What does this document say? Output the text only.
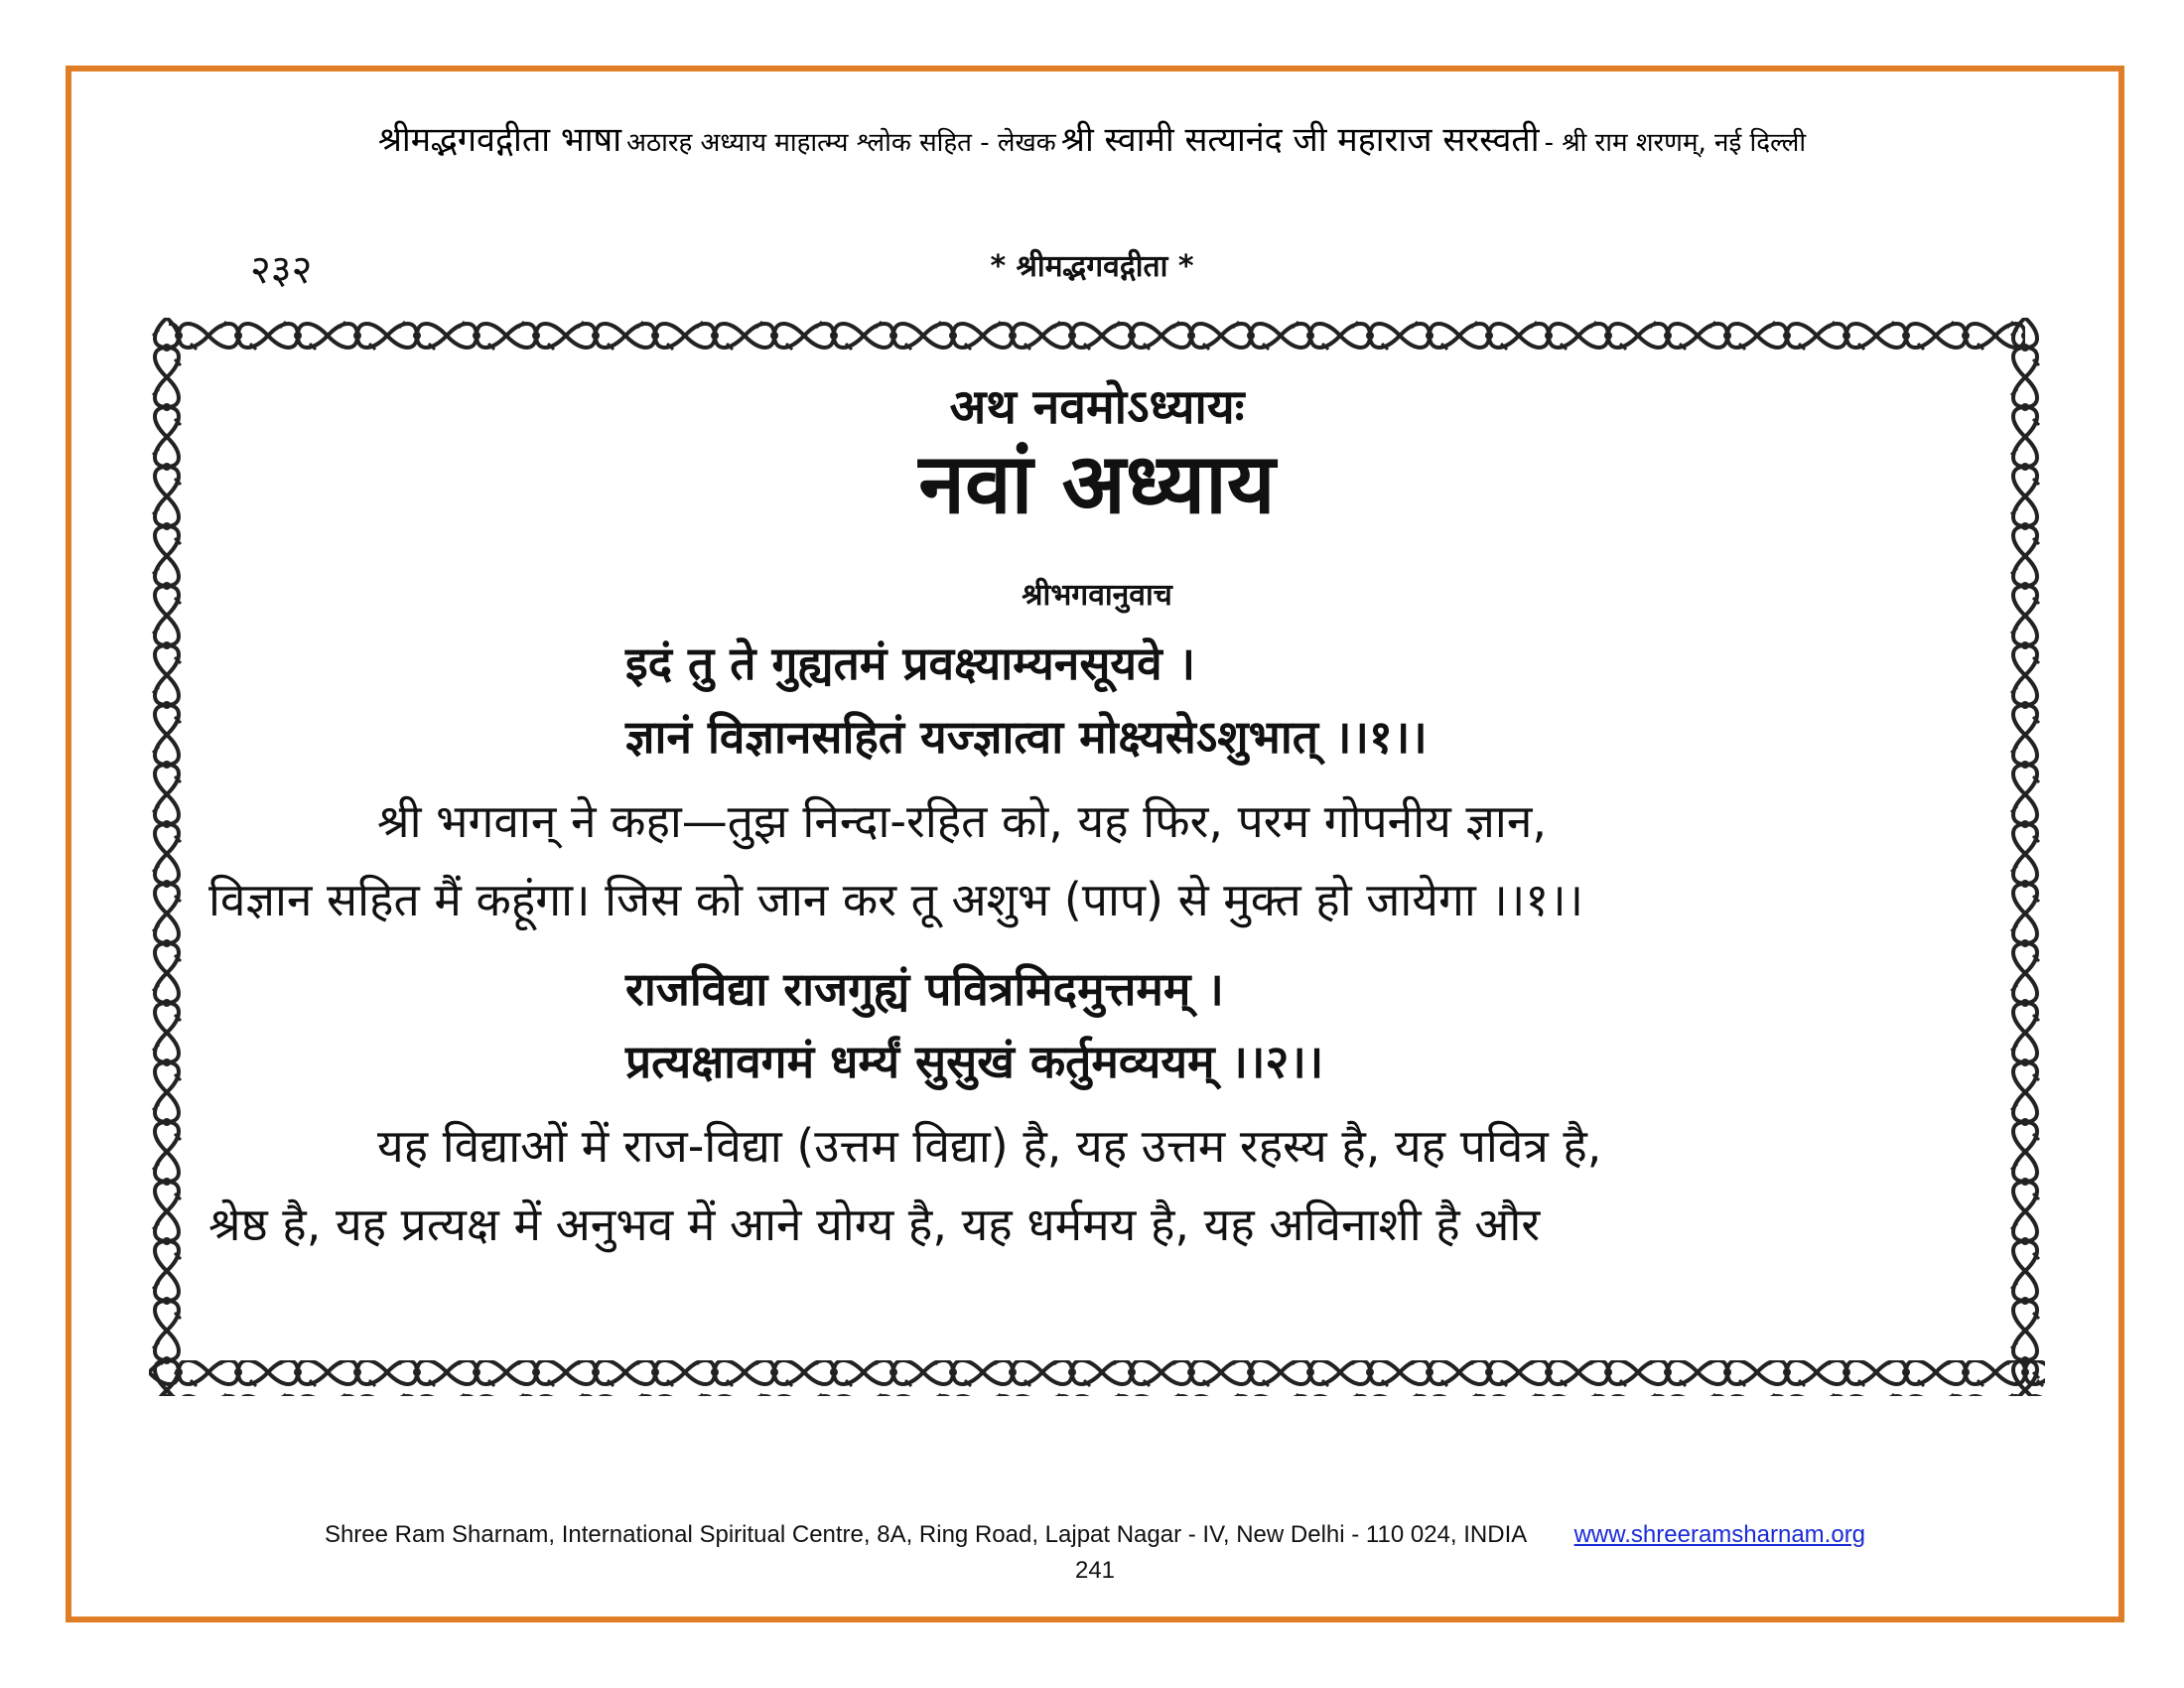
श्रीमद्भगवद्गीता भाषा अठारह अध्याय माहात्म्य श्लोक सहित - लेखक श्री स्वामी सत्यानंद जी महाराज सरस्वती - श्री राम शरणम्, नई दिल्ली
२३२	* श्रीमद्भगवद्गीता *
अथ नवमोऽध्यायः
नवां अध्याय
श्रीभगवानुवाच
इदं तु ते गुह्यतमं प्रवक्ष्याम्यनसूयवे ।
ज्ञानं विज्ञानसहितं यज्ज्ञात्वा मोक्ष्यसेऽशुभात् ।।१।।
श्री भगवान् ने कहा—तुझ निन्दा-रहित को, यह फिर, परम गोपनीय ज्ञान,
विज्ञान सहित मैं कहूंगा। जिस को जान कर तू अशुभ (पाप) से मुक्त हो जायेगा ।।१।।
राजविद्या राजगुह्यं पवित्रमिदमुत्तमम् ।
प्रत्यक्षावगमं धर्म्यं सुसुखं कर्तुमव्ययम् ।।२।।
यह विद्याओं में राज-विद्या (उत्तम विद्या) है, यह उत्तम रहस्य है, यह पवित्र है,
श्रेष्ठ है, यह प्रत्यक्ष में अनुभव में आने योग्य है, यह धर्ममय है, यह अविनाशी है और
Shree Ram Sharnam, International Spiritual Centre, 8A, Ring Road, Lajpat Nagar - IV, New Delhi - 110 024, INDIA www.shreeramsharnam.org
241
